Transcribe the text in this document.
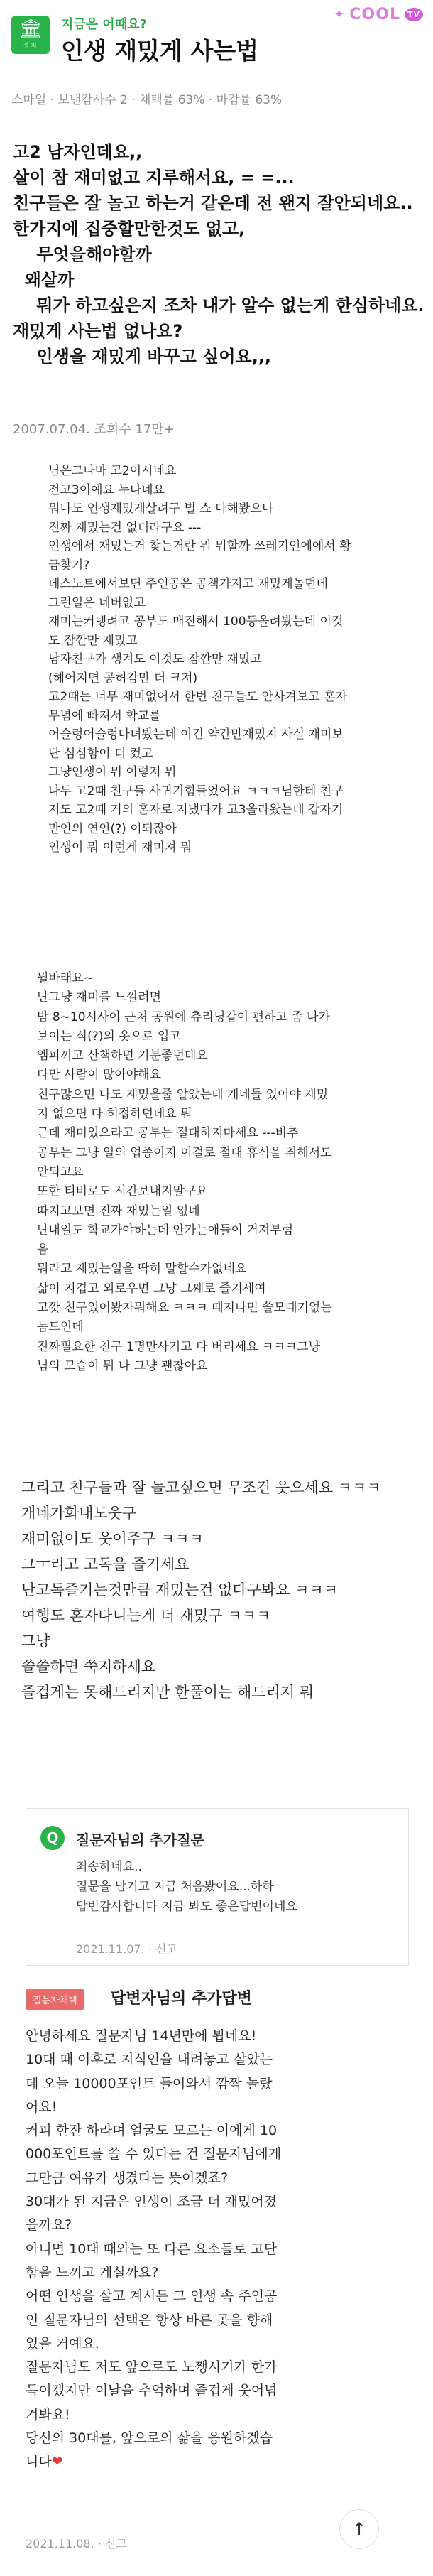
🏛
정치
지금은 어때요?
인생 재밌게 사는법
✦ COOL TV
스마일 · 보낸감사수 2 · 채택률 63% · 마감률 63%
고2 남자인데요,,
살이 참 재미없고 지루해서요, = =...
친구들은 잘 놀고 하는거 같은데 전 왠지 잘안되네요..
한가지에 집중할만한것도 없고,
무엇을해야할까
왜살까
뭐가 하고싶은지 조차 내가 알수 없는게 한심하네요.
재밌게 사는법 없나요?
인생을 재밌게 바꾸고 싶어요,,,
2007.07.04. 조회수 17만+
님은그나마 고2이시네요
전고3이예요 누나네요
뭐나도 인생재밌게살려구 별 쇼 다해봤으나
진짜 재밌는건 없더라구요 ---
인생에서 재밌는거 찾는거란 뭐 뭐할까 쓰레기인에에서 황
금찾기?
데스노트에서보면 주인공은 공책가지고 재밌게놀던데
그런일은 네버없고
재미는커뎅려고 공부도 매진해서 100등올려봤는데 이것
도 잠깐만 재밌고
남자친구가 생겨도 이것도 잠깐만 재밌고
(헤어지면 공허감만 더 크져)
고2때는 너무 재미없어서 한번 친구들도 안사겨보고 혼자
무념에 빠져서 학교를
어슬렁어슬렁다녀봤는데 이건 약간만재밌지 사실 재미보
단 심심함이 더 컸고
그냥인생이 뭐 이렇져 뭐
나두 고2때 친구들 사귀기힘들었어요 ㅋㅋㅋ님한테 친구
저도 고2때 거의 혼자로 지냈다가 고3올라왔는데 갑자기
만인의 연인(?) 이되잖아
인생이 뭐 이런게 재미져 뭐
뭘바래요~
난그냥 재미를 느낄려면
밤 8~10시사이 근처 공원에 츄리닝같이 편하고 좀 나가
보이는 식(?)의 옷으로 입고
엠피끼고 산책하면 기분좋던데요
다만 사람이 많아야해요
친구많으면 나도 재밌을줄 알았는데 개네들 있어야 재밌
지 없으면 다 허접하던데요 뭐
근데 재미있으라고 공부는 절대하지마세요 ---비추
공부는 그냥 일의 업종이지 이걸로 절대 휴식을 취해서도
안되고요
또한 티비로도 시간보내지말구요
따지고보면 진짜 재밌는일 없네
난내일도 학교가야하는데 안가는애들이 거져부럼
음
뭐라고 재밌는일을 딱히 말할수가없네요
삶이 지겹고 외로우면 그냥 그쎄로 즐기세여
고깟 친구있어봤자뭐해요 ㅋㅋㅋ 때지나면 쓸모때기없는
놈드인데
진짜필요한 친구 1명만사기고 다 버리세요 ㅋㅋㅋ그냥
님의 모습이 뭐 나 그냥 괜찮아요
그리고 친구들과 잘 놀고싶으면 무조건 웃으세요 ㅋㅋㅋ
개네가화내도웃구
재미없어도 웃어주구 ㅋㅋㅋ
그ㅜ리고 고독을 즐기세요
난고독즐기는것만큼 재밌는건 없다구봐요 ㅋㅋㅋ
여행도 혼자다니는게 더 재밌구 ㅋㅋㅋ
그냥
쓸쓸하면 쭉지하세요
즐겁게는 못해드리지만 한풀이는 해드리져 뭐
Q	질문자님의 추가질문
죄송하네요..
질문을 남기고 지금 처음봤어요...하하
답변감사합니다 지금 봐도 좋은답변이네요
2021.11.07. · 신고
질문자채택	답변자님의 추가답변
안녕하세요 질문자님 14년만에 뵙네요!
10대 때 이후로 지식인을 내려놓고 살았는
데 오늘 10000포인트 들어와서 깜짝 놀랐
어요!
커피 한잔 하라며 얼굴도 모르는 이에게 10
000포인트를 쓸 수 있다는 건 질문자님에게
그만큼 여유가 생겼다는 뜻이겠죠?
30대가 된 지금은 인생이 조금 더 재밌어졌
을까요?
아니면 10대 때와는 또 다른 요소들로 고단
함을 느끼고 계실까요?
어떤 인생을 살고 계시든 그 인생 속 주인공
인 질문자님의 선택은 항상 바른 곳을 향해
있을 거예요.
질문자님도 저도 앞으로도 노쨍시기가 한가
득이겠지만 이날을 추억하며 즐겁게 웃어넘
겨봐요!
당신의 30대를, 앞으로의 삶을 응원하겠습
니다❤
2021.11.08. · 신고
↑
